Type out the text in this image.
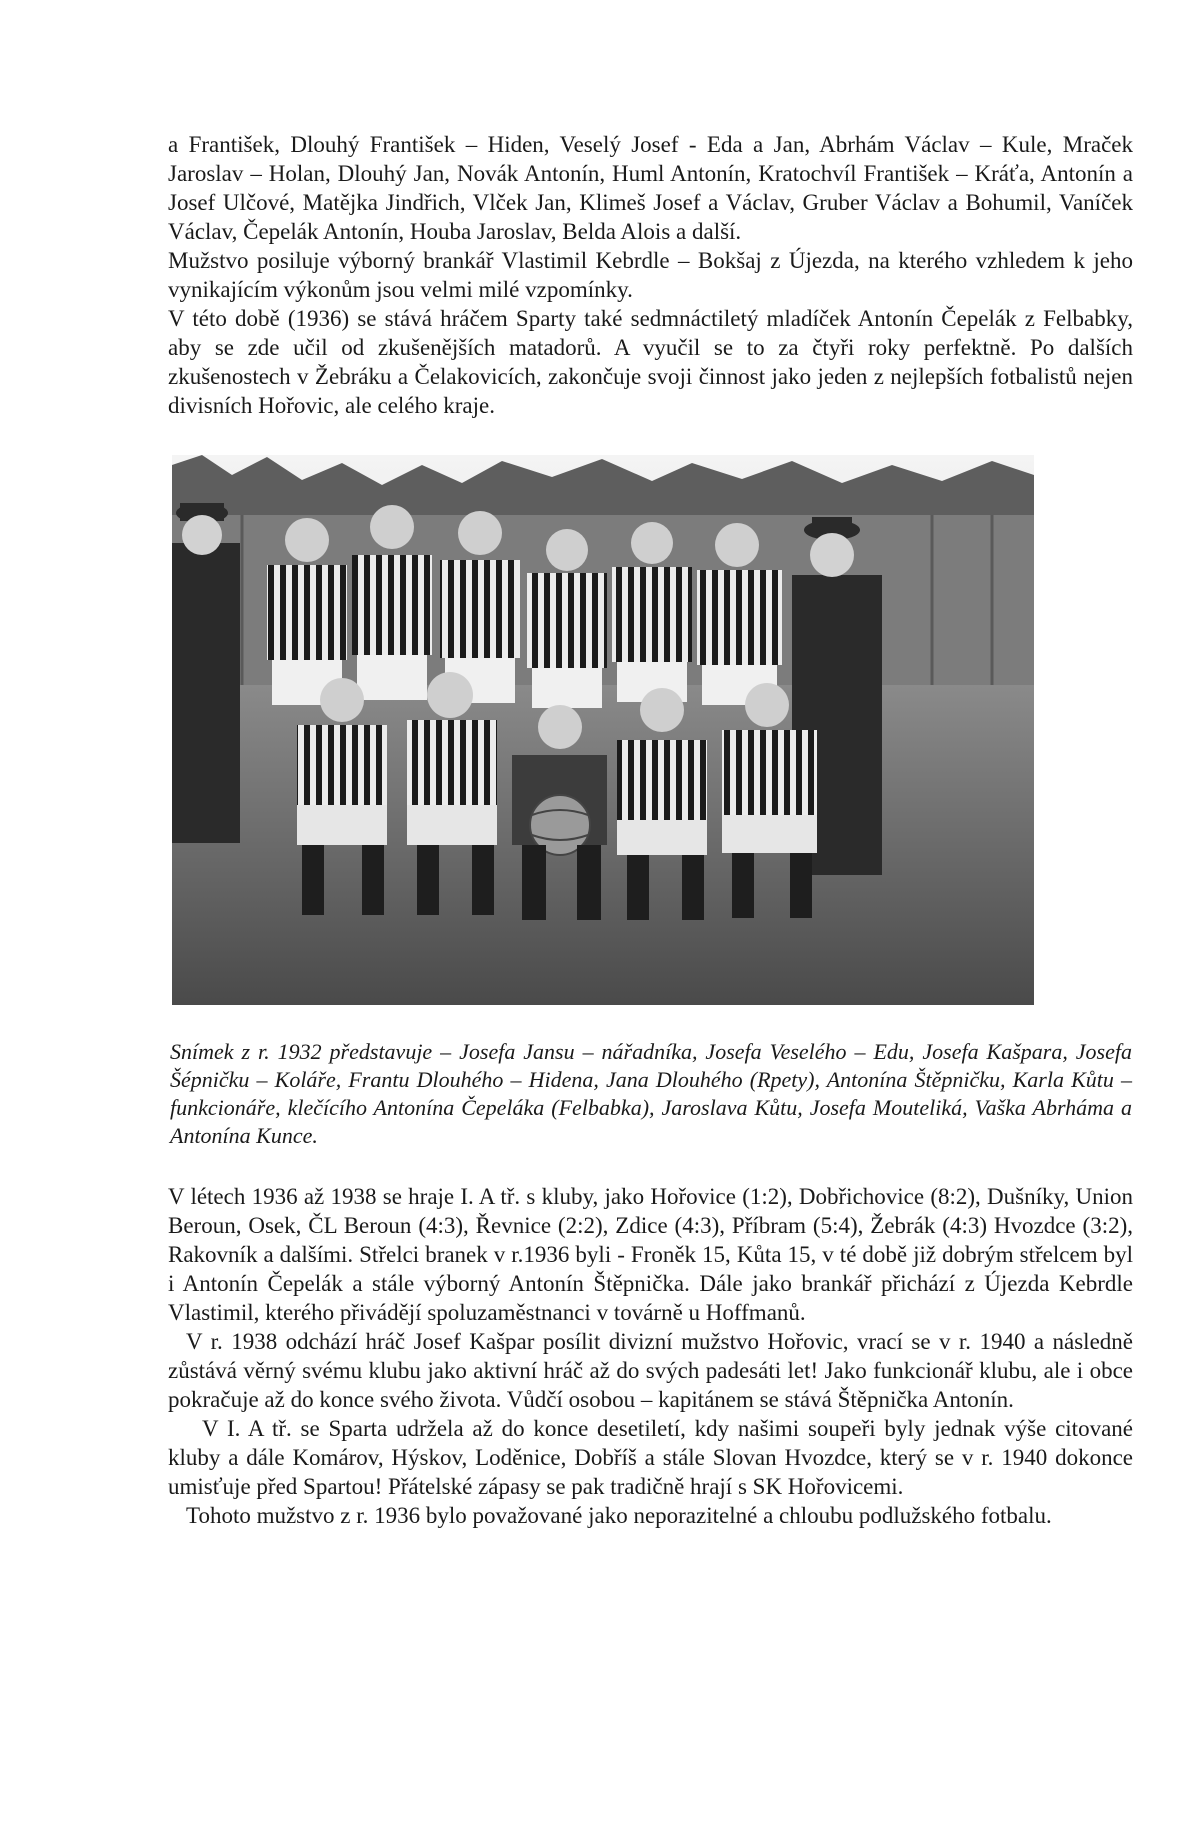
a František, Dlouhý František – Hiden, Veselý Josef - Eda a Jan, Abrhám Václav – Kule, Mraček Jaroslav – Holan, Dlouhý Jan, Novák Antonín, Huml Antonín, Kratochvíl František – Kráťa, Antonín a Josef Ulčové, Matějka Jindřich, Vlček Jan, Klimeš Josef a Václav, Gruber Václav a Bohumil, Vaníček Václav, Čepelák Antonín, Houba Jaroslav, Belda Alois a další.

Mužstvo posiluje výborný brankář Vlastimil Kebrdle – Bokšaj z Újezda, na kterého vzhledem k jeho vynikajícím výkonům jsou velmi milé vzpomínky.

V této době (1936) se stává hráčem Sparty také sedmnáctiletý mladíček Antonín Čepelák z Felbabky, aby se zde učil od zkušenějších matadorů. A vyučil se to za čtyři roky perfektně. Po dalších zkušenostech v Žebráku a Čelakovicích, zakončuje svoji činnost jako jeden z nejlepších fotbalistů nejen divisních Hořovic, ale celého kraje.

Snímek z r. 1932 představuje – Josefa Jansu – nářadníka, Josefa Veselého – Edu, Josefa Kašpara, Josefa Šépničku – Koláře, Frantu Dlouhého – Hidena, Jana Dlouhého (Rpety), Antonína Štěpničku, Karla Kůtu – funkcionáře, klečícího Antonína Čepeláka (Felbabka), Jaroslava Kůtu, Josefa Mouteliká, Vaška Abrháma a Antonína Kunce.

V létech 1936 až 1938 se hraje I. A tř. s kluby, jako Hořovice (1:2), Dobřichovice (8:2), Dušníky, Union Beroun, Osek, ČL Beroun (4:3), Řevnice (2:2), Zdice (4:3), Příbram (5:4), Žebrák (4:3) Hvozdce (3:2), Rakovník a dalšími. Střelci branek v r.1936 byli - Froněk 15, Kůta 15, v té době již dobrým střelcem byl i Antonín Čepelák a stále výborný Antonín Štěpnička. Dále jako brankář přichází z Újezda Kebrdle Vlastimil, kterého přivádějí spoluzaměstnanci v továrně u Hoffmanů.

V r. 1938 odchází hráč Josef Kašpar posílit divizní mužstvo Hořovic, vrací se v r. 1940 a následně zůstává věrný svému klubu jako aktivní hráč až do svých padesáti let! Jako funkcionář klubu, ale i obce pokračuje až do konce svého života. Vůdčí osobou – kapitánem se stává Štěpnička Antonín.

V I. A tř. se Sparta udržela až do konce desetiletí, kdy našimi soupeři byly jednak výše citované kluby a dále Komárov, Hýskov, Loděnice, Dobříš a stále Slovan Hvozdce, který se v r. 1940 dokonce umisťuje před Spartou! Přátelské zápasy se pak tradičně hrají s SK Hořovicemi.

Tohoto mužstvo z r. 1936 bylo považované jako neporazitelné a chloubu podlužského fotbalu.
